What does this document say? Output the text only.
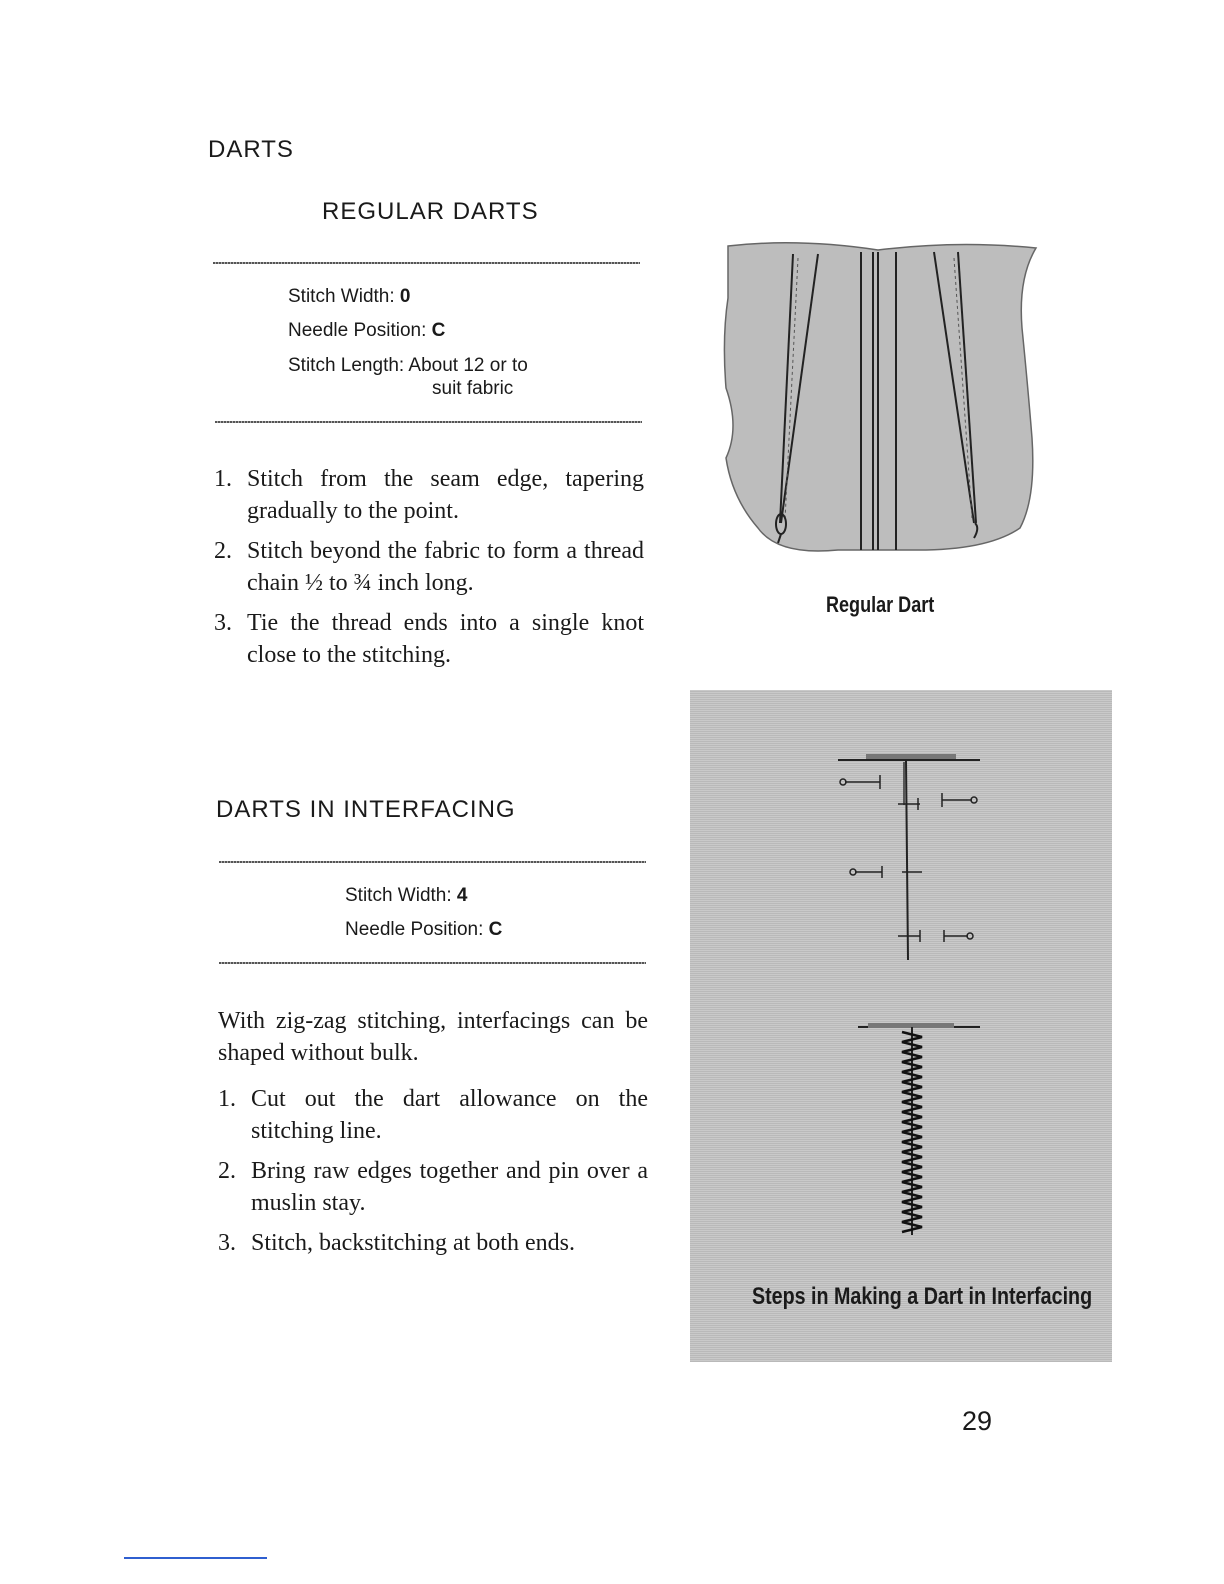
DARTS
REGULAR DARTS
Stitch Width: 0
Needle Position: C
Stitch Length: About 12 or to
suit fabric
1. Stitch from the seam edge, tapering gradually to the point.
2. Stitch beyond the fabric to form a thread chain ½ to ¾ inch long.
3. Tie the thread ends into a single knot close to the stitching.
Regular Dart
DARTS IN INTERFACING
Stitch Width: 4
Needle Position: C
With zig-zag stitching, interfacings can be shaped without bulk.
1. Cut out the dart allowance on the stitching line.
2. Bring raw edges together and pin over a muslin stay.
3. Stitch, backstitching at both ends.
Steps in Making a Dart in Interfacing
29
